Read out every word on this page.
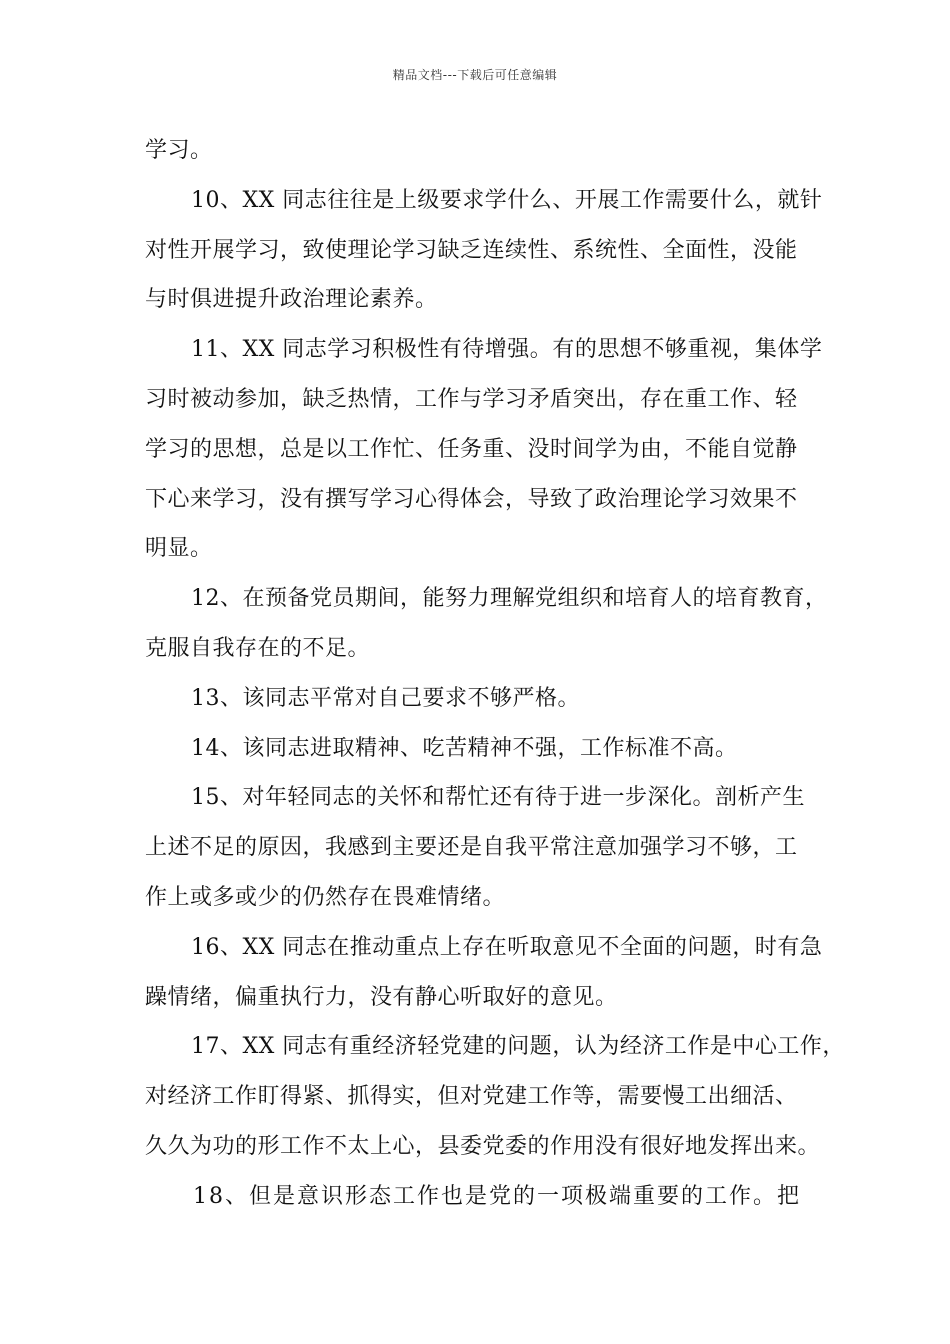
精品文档---下载后可任意编辑
学习。
10、XX 同志往往是上级要求学什么、开展工作需要什么，就针
对性开展学习，致使理论学习缺乏连续性、系统性、全面性，没能
与时俱进提升政治理论素养。
11、XX 同志学习积极性有待增强。有的思想不够重视，集体学
习时被动参加，缺乏热情，工作与学习矛盾突出，存在重工作、轻
学习的思想，总是以工作忙、任务重、没时间学为由，不能自觉静
下心来学习，没有撰写学习心得体会，导致了政治理论学习效果不
明显。
12、在预备党员期间，能努力理解党组织和培育人的培育教育，
克服自我存在的不足。
13、该同志平常对自己要求不够严格。
14、该同志进取精神、吃苦精神不强，工作标准不高。
15、对年轻同志的关怀和帮忙还有待于进一步深化。剖析产生
上述不足的原因，我感到主要还是自我平常注意加强学习不够，工
作上或多或少的仍然存在畏难情绪。
16、XX 同志在推动重点上存在听取意见不全面的问题，时有急
躁情绪，偏重执行力，没有静心听取好的意见。
17、XX 同志有重经济轻党建的问题，认为经济工作是中心工作，
对经济工作盯得紧、抓得实，但对党建工作等，需要慢工出细活、
久久为功的形工作不太上心，县委党委的作用没有很好地发挥出来。
18、但是意识形态工作也是党的一项极端重要的工作。把
